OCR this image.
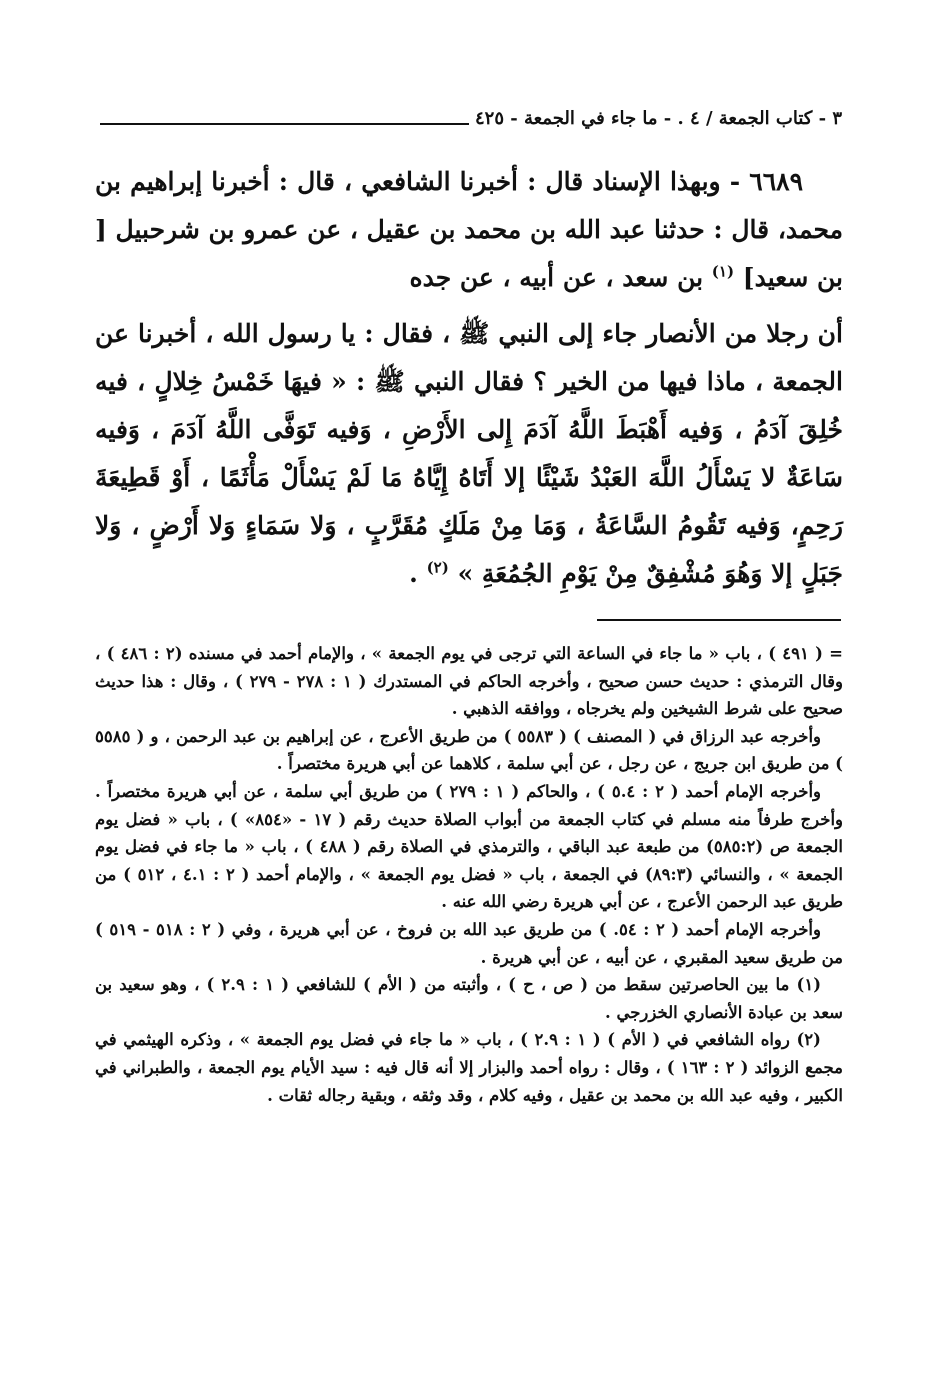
٣ - كتاب الجمعة / ٤ . - ما جاء في الجمعة - ٤٢٥

٦٦٨٩ - وبهذا الإسناد قال : أخبرنا الشافعي ، قال : أخبرنا إبراهيم بن محمد، قال : حدثنا عبد الله بن محمد بن عقيل ، عن عمرو بن شرحبيل [ بن سعيد] $^{(١)}$ بن سعد ، عن أبيه ، عن جده

أن رجلا من الأنصار جاء إلى النبي ﷺ ، فقال : يا رسول الله ، أخبرنا عن الجمعة ، ماذا فيها من الخير ؟ فقال النبي ﷺ : « فيهَا خَمْسُ خِلالٍ ، فيه خُلِقَ آدَمُ ، وَفيه أَهْبَطَ اللَّهُ آدَمَ إِلى الأَرْضِ ، وَفيه تَوَفَّى اللَّهُ آدَمَ ، وَفيه سَاعَةٌ لا يَسْأَلُ اللَّهَ العَبْدُ شَيْئًا إلا أَتَاهُ إِيَّاهُ مَا لَمْ يَسْأَلْ مَأْثَمًا ، أَوْ قَطِيعَةَ رَحِمٍ، وَفيه تَقُومُ السَّاعَةُ ، وَمَا مِنْ مَلَكٍ مُقَرَّبٍ ، وَلا سَمَاءٍ وَلا أَرْضٍ ، وَلا جَبَلٍ إلا وَهُوَ مُشْفِقٌ مِنْ يَوْمِ الجُمُعَةِ » $^{(٢)}$ .

= ( ٤٩١ ) ، باب « ما جاء في الساعة التي ترجى في يوم الجمعة » ، والإمام أحمد في مسنده (٢ : ٤٨٦ ) ، وقال الترمذي : حديث حسن صحيح ، وأخرجه الحاكم في المستدرك ( ١ : ٢٧٨ - ٢٧٩ ) ، وقال : هذا حديث صحيح على شرط الشيخين ولم يخرجاه ، ووافقه الذهبي .

وأخرجه عبد الرزاق في ( المصنف ) ( ٥٥٨٣ ) من طريق الأعرج ، عن إبراهيم بن عبد الرحمن ، و ( ٥٥٨٥ ) من طريق ابن جريج ، عن رجل ، عن أبي سلمة ، كلاهما عن أبي هريرة مختصراً .

وأخرجه الإمام أحمد ( ٢ : ٥.٤ ) ، والحاكم ( ١ : ٢٧٩ ) من طريق أبي سلمة ، عن أبي هريرة مختصراً . وأخرج طرفاً منه مسلم في كتاب الجمعة من أبواب الصلاة حديث رقم ( ١٧ - «٨٥٤» ) ، باب « فضل يوم الجمعة ص (٥٨٥:٢) من طبعة عبد الباقي ، والترمذي في الصلاة رقم ( ٤٨٨ ) ، باب « ما جاء في فضل يوم الجمعة » ، والنسائي (٨٩:٣) في الجمعة ، باب « فضل يوم الجمعة » ، والإمام أحمد ( ٢ : ٤.١ ، ٥١٢ ) من طريق عبد الرحمن الأعرج ، عن أبي هريرة رضي الله عنه .

وأخرجه الإمام أحمد ( ٢ : ٥٤. ) من طريق عبد الله بن فروخ ، عن أبي هريرة ، وفي ( ٢ : ٥١٨ - ٥١٩ ) من طريق سعيد المقبري ، عن أبيه ، عن أبي هريرة .

(١) ما بين الحاصرتين سقط من ( ص ، ح ) ، وأثبته من ( الأم ) للشافعي ( ١ : ٢.٩ ) ، وهو سعيد بن سعد بن عبادة الأنصاري الخزرجي .

(٢) رواه الشافعي في ( الأم ) ( ١ : ٢.٩ ) ، باب « ما جاء في فضل يوم الجمعة » ، وذكره الهيثمي في مجمع الزوائد ( ٢ : ١٦٣ ) ، وقال : رواه أحمد والبزار إلا أنه قال فيه : سيد الأيام يوم الجمعة ، والطبراني في الكبير ، وفيه عبد الله بن محمد بن عقيل ، وفيه كلام ، وقد وثقه ، وبقية رجاله ثقات .
